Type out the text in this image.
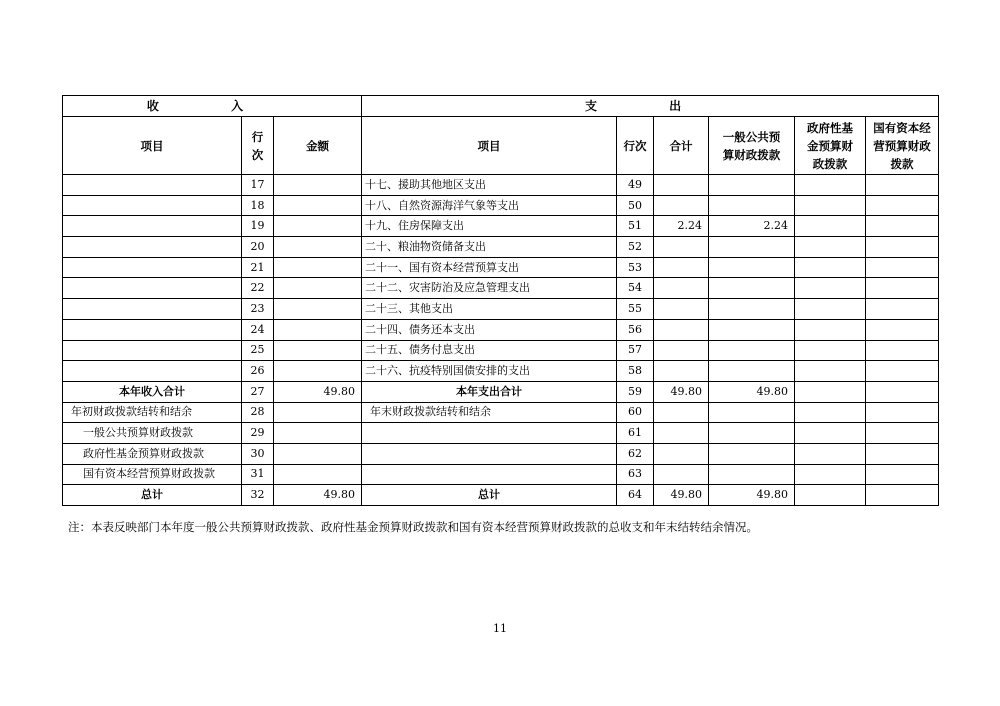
收 入			支 出					
项目	行次	金额	项目	行次	合计	一般公共预算财政拨款	政府性基金预算财政拨款	国有资本经营预算财政拨款
	17		十七、援助其他地区支出	49				
	18		十八、自然资源海洋气象等支出	50				
	19		十九、住房保障支出	51	2.24	2.24		
	20		二十、粮油物资储备支出	52				
	21		二十一、国有资本经营预算支出	53				
	22		二十二、灾害防治及应急管理支出	54				
	23		二十三、其他支出	55				
	24		二十四、债务还本支出	56				
	25		二十五、债务付息支出	57				
	26		二十六、抗疫特别国债安排的支出	58				
本年收入合计	27	49.80	本年支出合计	59	49.80	49.80		
年初财政拨款结转和结余	28		年末财政拨款结转和结余	60				
一般公共预算财政拨款	29			61				
政府性基金预算财政拨款	30			62				
国有资本经营预算财政拨款	31			63				
总计	32	49.80	总计	64	49.80	49.80		
注：本表反映部门本年度一般公共预算财政拨款、政府性基金预算财政拨款和国有资本经营预算财政拨款的总收支和年末结转结余情况。
11
